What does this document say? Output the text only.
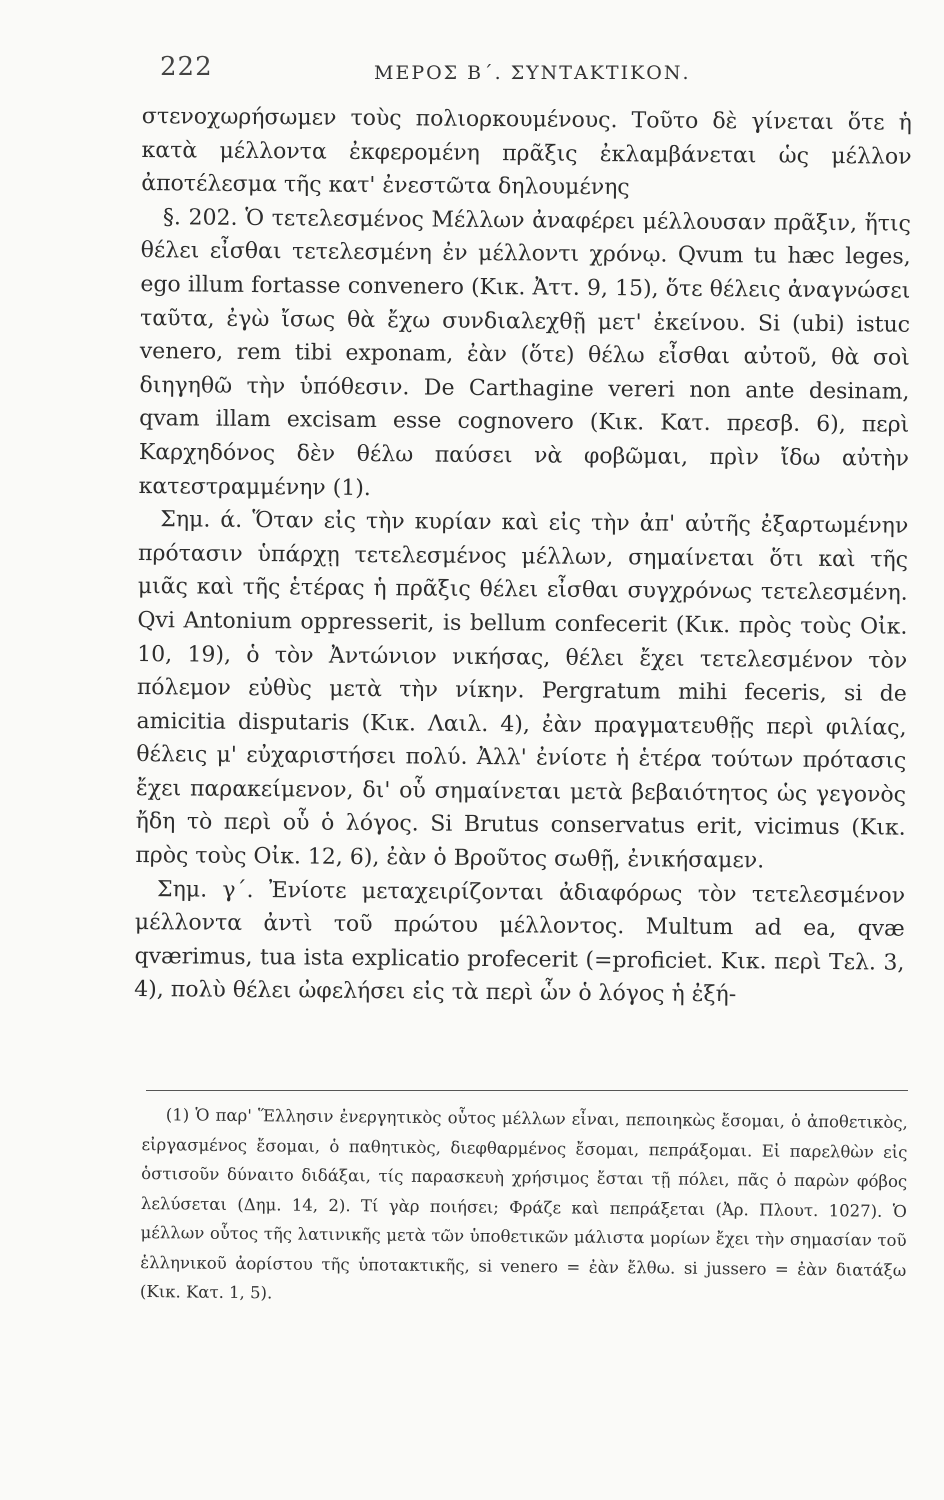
222	ΜΕΡΟΣ Β΄. ΣΥΝΤΑΚΤΙΚΟΝ.

στενοχωρήσωμεν τοὺς πολιορκουμένους. Τοῦτο δὲ γίνεται ὅτε ἡ κατὰ μέλλοντα ἐκφερομένη πρᾶξις ἐκλαμβάνεται ὡς μέλλον ἀποτέλεσμα τῆς κατ' ἐνεστῶτα δηλουμένης

§. 202. Ὁ τετελεσμένος Μέλλων ἀναφέρει μέλλουσαν πρᾶξιν, ἥτις θέλει εἶσθαι τετελεσμένη ἐν μέλλοντι χρόνῳ. Qvum tu hæc leges, ego illum fortasse convenero (Κικ. Ἀττ. 9, 15), ὅτε θέλεις ἀναγνώσει ταῦτα, ἐγὼ ἴσως θὰ ἔχω συνδιαλεχθῇ μετ' ἐκείνου. Si (ubi) istuc venero, rem tibi exponam, ἐὰν (ὅτε) θέλω εἶσθαι αὐτοῦ, θὰ σοὶ διηγηθῶ τὴν ὑπόθεσιν. De Carthagine vereri non ante desinam, qvam illam excisam esse cognovero (Κικ. Κατ. πρεσβ. 6), περὶ Καρχηδόνος δὲν θέλω παύσει νὰ φοβῶμαι, πρὶν ἴδω αὐτὴν κατεστραμμένην (1).

Σημ. ά. Ὅταν εἰς τὴν κυρίαν καὶ εἰς τὴν ἀπ' αὐτῆς ἐξαρτωμένην πρότασιν ὑπάρχῃ τετελεσμένος μέλλων, σημαίνεται ὅτι καὶ τῆς μιᾶς καὶ τῆς ἑτέρας ἡ πρᾶξις θέλει εἶσθαι συγχρόνως τετελεσμένη. Qvi Antonium oppresserit, is bellum confecerit (Κικ. πρὸς τοὺς Οἰκ. 10, 19), ὁ τὸν Ἀντώνιον νικήσας, θέλει ἔχει τετελεσμένον τὸν πόλεμον εὐθὺς μετὰ τὴν νίκην. Pergratum mihi feceris, si de amicitia disputaris (Κικ. Λαιλ. 4), ἐὰν πραγματευθῇς περὶ φιλίας, θέλεις μ' εὐχαριστήσει πολύ. Ἀλλ' ἐνίοτε ἡ ἑτέρα τούτων πρότασις ἔχει παρακείμενον, δι' οὗ σημαίνεται μετὰ βεβαιότητος ὡς γεγονὸς ἤδη τὸ περὶ οὗ ὁ λόγος. Si Brutus conservatus erit, vicimus (Κικ. πρὸς τοὺς Οἰκ. 12, 6), ἐὰν ὁ Βροῦτος σωθῇ, ἐνικήσαμεν.

Σημ. γ΄. Ἐνίοτε μεταχειρίζονται ἀδιαφόρως τὸν τετελεσμένον μέλλοντα ἀντὶ τοῦ πρώτου μέλλοντος. Multum ad ea, qvæ qværimus, tua ista explicatio profecerit (=proficiet. Κικ. περὶ Τελ. 3, 4), πολὺ θέλει ὠφελήσει εἰς τὰ περὶ ὧν ὁ λόγος ἡ ἐξή-

(1) Ὁ παρ' Ἕλλησιν ἐνεργητικὸς οὗτος μέλλων εἶναι, πεποιηκὼς ἔσομαι, ὁ ἀποθετικὸς, εἰργασμένος ἔσομαι, ὁ παθητικὸς, διεφθαρμένος ἔσομαι, πεπράξομαι. Εἰ παρελθὼν εἰς ὁστισοῦν δύναιτο διδάξαι, τίς παρασκευὴ χρήσιμος ἔσται τῇ πόλει, πᾶς ὁ παρὼν φόβος λελύσεται (Δημ. 14, 2). Τί γὰρ ποιήσει; Φράζε καὶ πεπράξεται (Ἀρ. Πλουτ. 1027). Ὁ μέλλων οὗτος τῆς λατινικῆς μετὰ τῶν ὑποθετικῶν μάλιστα μορίων ἔχει τὴν σημασίαν τοῦ ἑλληνικοῦ ἀορίστου τῆς ὑποτακτικῆς, si venero = ἐὰν ἔλθω. si jussero = ἐὰν διατάξω (Κικ. Κατ. 1, 5).
